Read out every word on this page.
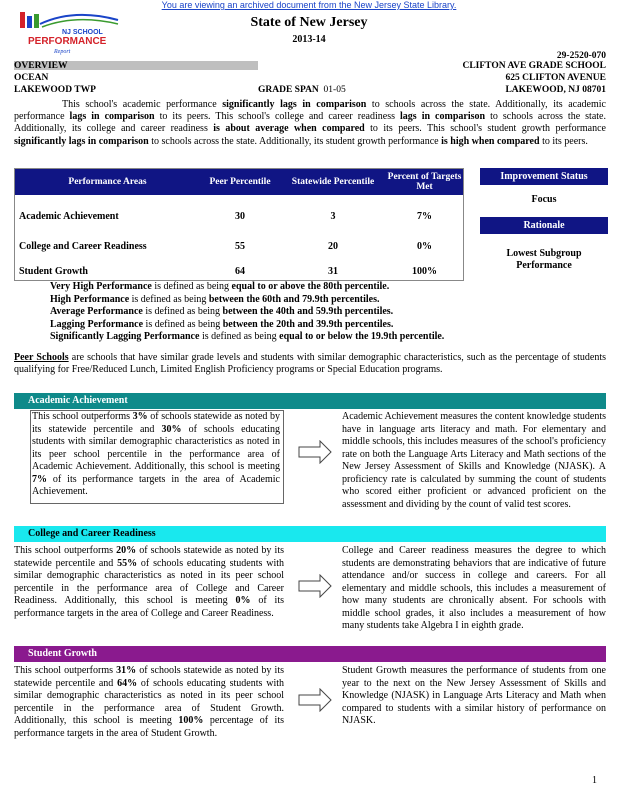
You are viewing an archived document from the New Jersey State Library.
NJ SCHOOL
PERFORMANCE
Report
State of New Jersey
2013-14
29-2520-070
OVERVIEW	CLIFTON AVE GRADE SCHOOL
OCEAN	625 CLIFTON AVENUE
LAKEWOOD TWP	GRADE SPAN 01-05	LAKEWOOD, NJ 08701
This school's academic performance significantly lags in comparison to schools across the state. Additionally, its academic performance lags in comparison to its peers. This school's college and career readiness lags in comparison to schools across the state. Additionally, its college and career readiness is about average when compared to its peers. This school's student growth performance significantly lags in comparison to schools across the state. Additionally, its student growth performance is high when compared to its peers.
Performance Areas	Peer Percentile	Statewide Percentile	Percent of Targets Met
Academic Achievement	30	3	7%
College and Career Readiness	55	20	0%
Student Growth	64	31	100%
Improvement Status
Focus
Rationale
Lowest Subgroup Performance
Very High Performance is defined as being equal to or above the 80th percentile.
High Performance is defined as being between the 60th and 79.9th percentiles.
Average Performance is defined as being between the 40th and 59.9th percentiles.
Lagging Performance is defined as being between the 20th and 39.9th percentiles.
Significantly Lagging Performance is defined as being equal to or below the 19.9th percentile.
Peer Schools are schools that have similar grade levels and students with similar demographic characteristics, such as the percentage of students qualifying for Free/Reduced Lunch, Limited English Proficiency programs or Special Education programs.
Academic Achievement
This school outperforms 3% of schools statewide as noted by its statewide percentile and 30% of schools educating students with similar demographic characteristics as noted in its peer school percentile in the performance area of Academic Achievement. Additionally, this school is meeting 7% of its performance targets in the area of Academic Achievement.
Academic Achievement measures the content knowledge students have in language arts literacy and math. For elementary and middle schools, this includes measures of the school's proficiency rate on both the Language Arts Literacy and Math sections of the New Jersey Assessment of Skills and Knowledge (NJASK). A proficiency rate is calculated by summing the count of students who scored either proficient or advanced proficient on the assessment and dividing by the count of valid test scores.
College and Career Readiness
This school outperforms 20% of schools statewide as noted by its statewide percentile and 55% of schools educating students with similar demographic characteristics as noted in its peer school percentile in the performance area of College and Career Readiness. Additionally, this school is meeting 0% of its performance targets in the area of College and Career Readiness.
College and Career readiness measures the degree to which students are demonstrating behaviors that are indicative of future attendance and/or success in college and careers. For all elementary and middle schools, this includes a measurement of how many students are chronically absent. For schools with middle school grades, it also includes a measurement of how many students take Algebra I in eighth grade.
Student Growth
This school outperforms 31% of schools statewide as noted by its statewide percentile and 64% of schools educating students with similar demographic characteristics as noted in its peer school percentile in the performance area of Student Growth. Additionally, this school is meeting 100% percentage of its performance targets in the area of Student Growth.
Student Growth measures the performance of students from one year to the next on the New Jersey Assessment of Skills and Knowledge (NJASK) in Language Arts Literacy and Math when compared to students with a similar history of performance on NJASK.
1
